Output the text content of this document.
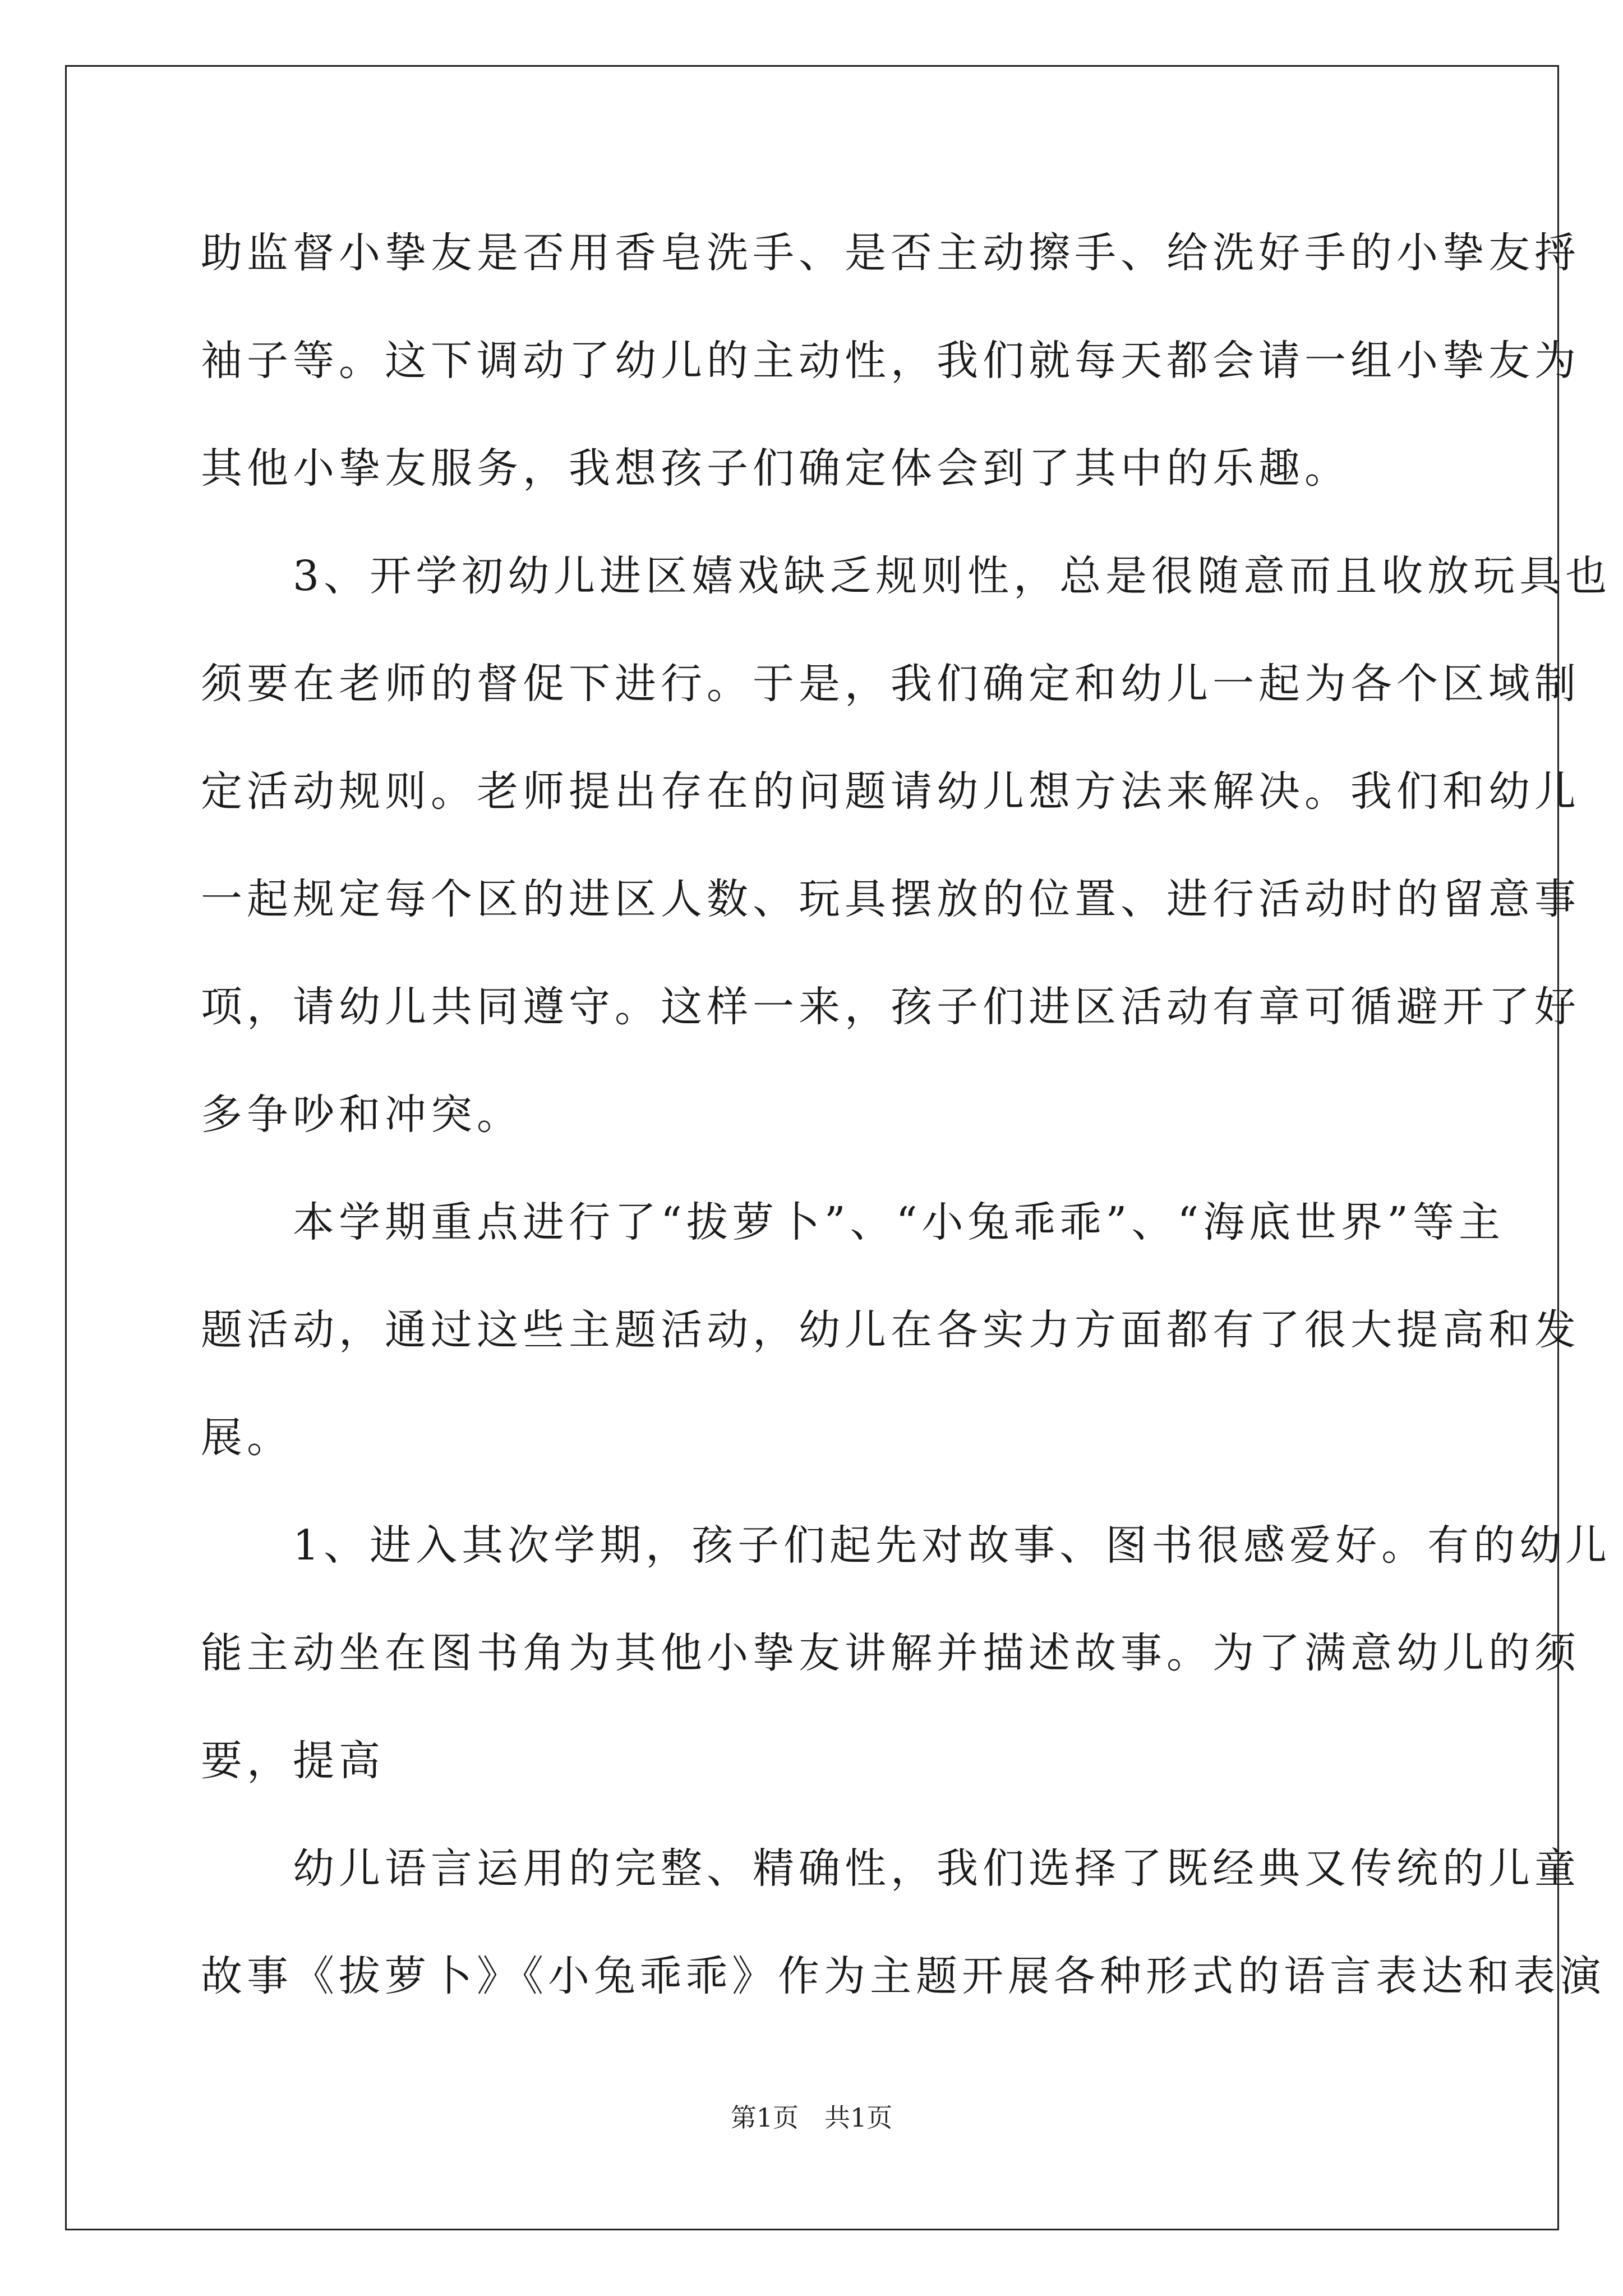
助监督小挚友是否用香皂洗手、是否主动擦手、给洗好手的小挚友捋
袖子等。这下调动了幼儿的主动性，我们就每天都会请一组小挚友为
其他小挚友服务，我想孩子们确定体会到了其中的乐趣。
　　3、开学初幼儿进区嬉戏缺乏规则性，总是很随意而且收放玩具也
须要在老师的督促下进行。于是，我们确定和幼儿一起为各个区域制
定活动规则。老师提出存在的问题请幼儿想方法来解决。我们和幼儿
一起规定每个区的进区人数、玩具摆放的位置、进行活动时的留意事
项，请幼儿共同遵守。这样一来，孩子们进区活动有章可循避开了好
多争吵和冲突。
　　本学期重点进行了“拔萝卜”、“小兔乖乖”、“海底世界”等主
题活动，通过这些主题活动，幼儿在各实力方面都有了很大提高和发
展。
　　1、进入其次学期，孩子们起先对故事、图书很感爱好。有的幼儿
能主动坐在图书角为其他小挚友讲解并描述故事。为了满意幼儿的须
要，提高
　　幼儿语言运用的完整、精确性，我们选择了既经典又传统的儿童
故事《拔萝卜》《小兔乖乖》作为主题开展各种形式的语言表达和表演
第1页　共1页
